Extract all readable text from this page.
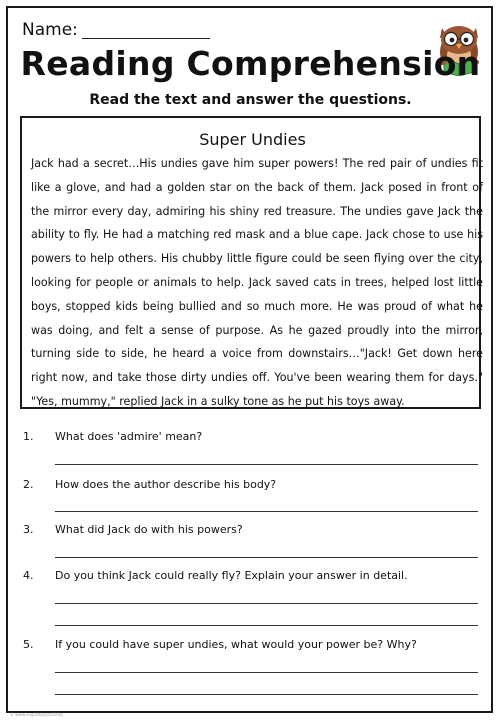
Name:
Reading Comprehension
Read the text and answer the questions.
Super Undies
Jack had a secret…His undies gave him super powers! The red pair of undies fit like a glove, and had a golden star on the back of them. Jack posed in front of the mirror every day, admiring his shiny red treasure. The undies gave Jack the ability to fly. He had a matching red mask and a blue cape. Jack chose to use his powers to help others. His chubby little figure could be seen flying over the city, looking for people or animals to help. Jack saved cats in trees, helped lost little boys, stopped kids being bullied and so much more. He was proud of what he was doing, and felt a sense of purpose. As he gazed proudly into the mirror, turning side to side, he heard a voice from downstairs…"Jack! Get down here right now, and take those dirty undies off. You've been wearing them for days." "Yes, mummy," replied Jack in a sulky tone as he put his toys away.
1. What does 'admire' mean?
2. How does the author describe his body?
3. What did Jack do with his powers?
4. Do you think Jack could really fly? Explain your answer in detail.
5. If you could have super undies, what would your power be? Why?
© www.englishbyactivities
